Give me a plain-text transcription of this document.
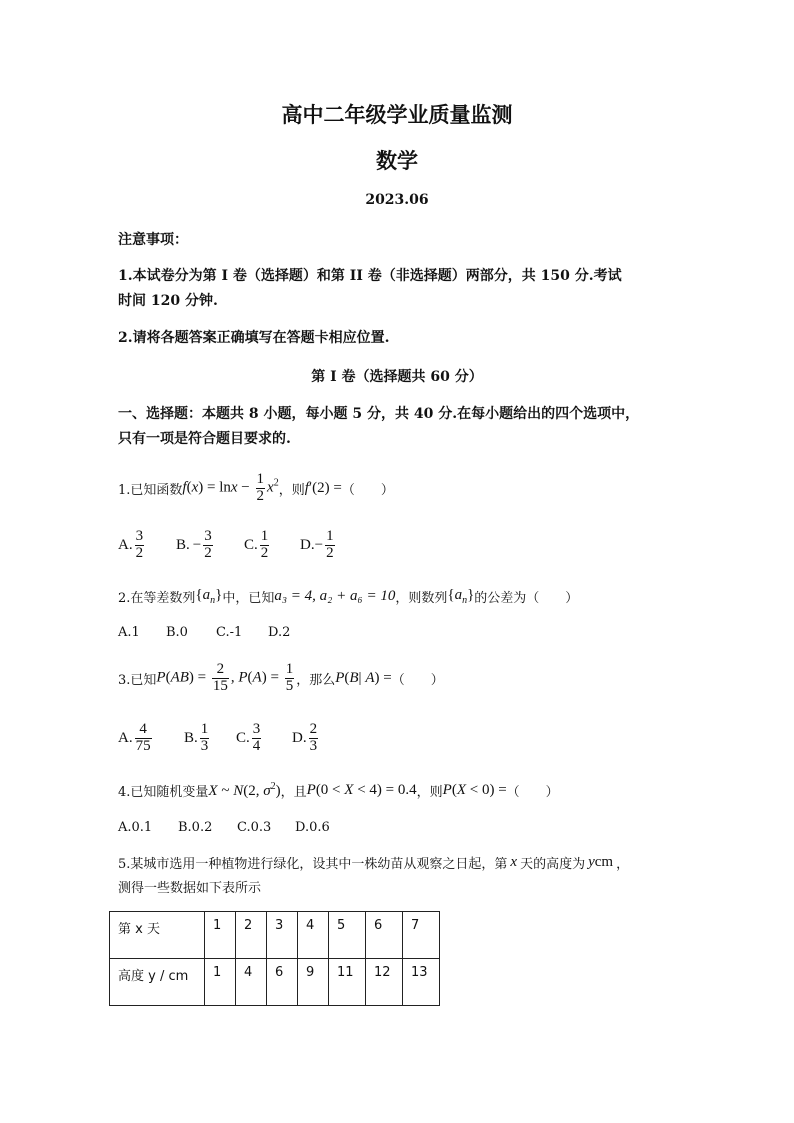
高中二年级学业质量监测
数学
2023.06
注意事项：
1.本试卷分为第 I 卷（选择题）和第 II 卷（非选择题）两部分，共 150 分.考试
时间 120 分钟.
2.请将各题答案正确填写在答题卡相应位置.
第 I 卷（选择题共 60 分）
一、选择题：本题共 8 小题，每小题 5 分，共 40 分.在每小题给出的四个选项中，
只有一项是符合题目要求的.
1.已知函数 $f(x) = \ln x - \frac{1}{2} x^2$ ，则 f′(2) = （　　）
A. $\frac{3}{2} B$. − $\frac{3}{2} C$. $\frac{1}{2} D$. − $\frac{1}{2}$
2.在等差数列 $\{a_n\}$ 中，已知 a₃ = 4, a₂ + a₆ = 10 ，则数列 $\{a_n\}$ 的公差为（　　）
A.1	B.0	C.-1	D.2
3.已知 $P(AB) = \frac{2}{15}$ , $P(A) = \frac{1}{5}$ ，那么 P(B| A) = （　　）
A. $\frac{4}{75} B$. $\frac{1}{3} C$. $\frac{3}{4} D$. $\frac{2}{3}$
4.已知随机变量 X ~ N(2, $\sigma^2$) ，且 P(0 < X < 4) = 0.4 ，则 P(X < 0) = （　　）
A.0.1	B.0.2	C.0.3	D.0.6
5.某城市选用一种植物进行绿化，设其中一株幼苗从观察之日起，第 x 天的高度为 ycm ，
测得一些数据如下表所示
第 x 天	1	2	3	4	5	6	7
高度 y / cm	1	4	6	9	11	12	13
